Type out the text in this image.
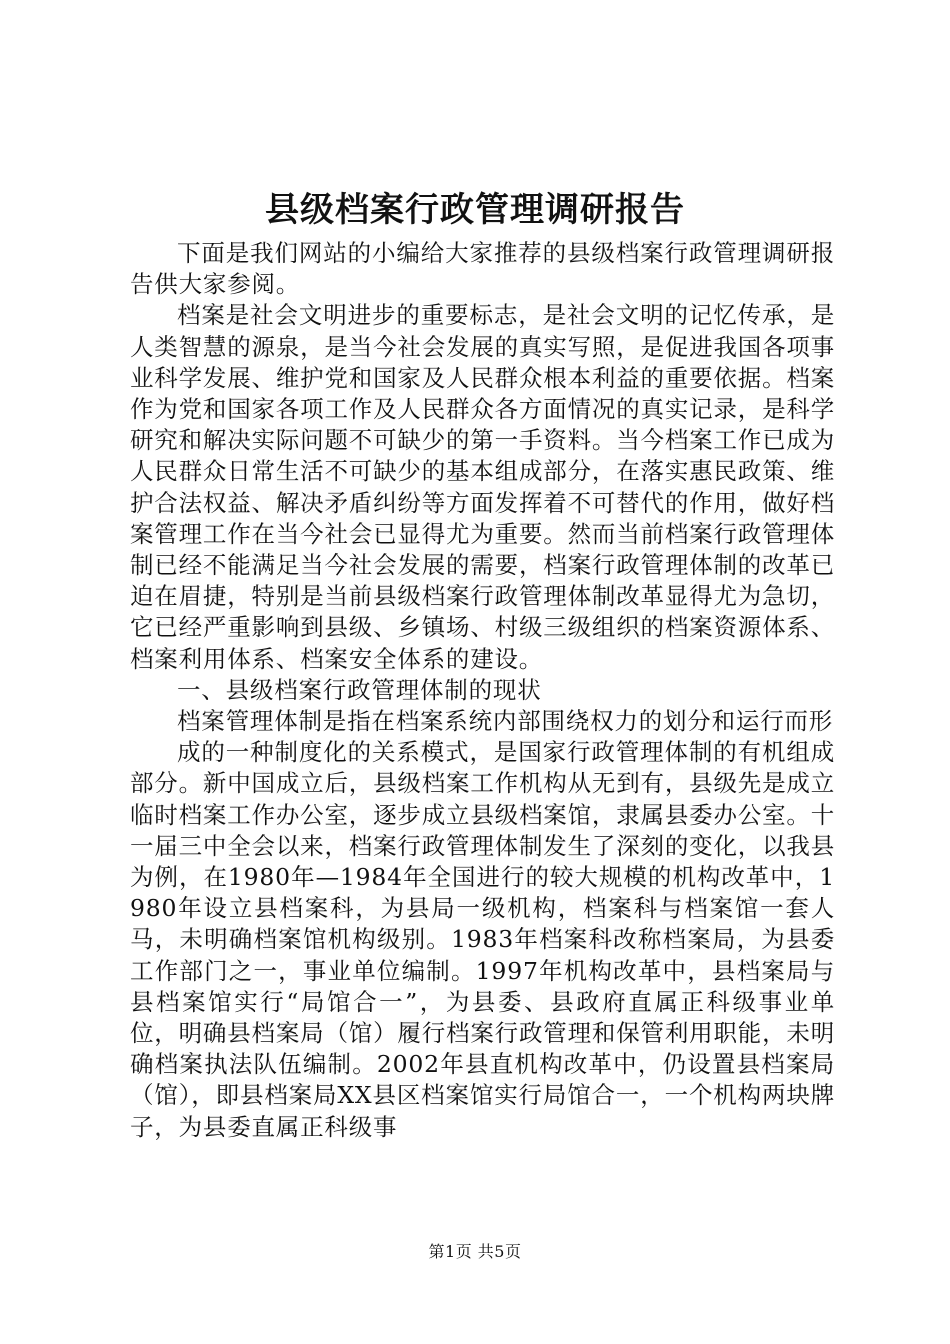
县级档案行政管理调研报告

下面是我们网站的小编给大家推荐的县级档案行政管理调研报告供大家参阅。

档案是社会文明进步的重要标志，是社会文明的记忆传承，是人类智慧的源泉，是当今社会发展的真实写照，是促进我国各项事业科学发展、维护党和国家及人民群众根本利益的重要依据。档案作为党和国家各项工作及人民群众各方面情况的真实记录，是科学研究和解决实际问题不可缺少的第一手资料。当今档案工作已成为人民群众日常生活不可缺少的基本组成部分，在落实惠民政策、维护合法权益、解决矛盾纠纷等方面发挥着不可替代的作用，做好档案管理工作在当今社会已显得尤为重要。然而当前档案行政管理体制已经不能满足当今社会发展的需要，档案行政管理体制的改革已迫在眉捷，特别是当前县级档案行政管理体制改革显得尤为急切，它已经严重影响到县级、乡镇场、村级三级组织的档案资源体系、档案利用体系、档案安全体系的建设。

一、县级档案行政管理体制的现状

档案管理体制是指在档案系统内部围绕权力的划分和运行而形

成的一种制度化的关系模式，是国家行政管理体制的有机组成部分。新中国成立后，县级档案工作机构从无到有，县级先是成立临时档案工作办公室，逐步成立县级档案馆，隶属县委办公室。十一届三中全会以来，档案行政管理体制发生了深刻的变化，以我县为例，在1980年—1984年全国进行的较大规模的机构改革中，1980年设立县档案科，为县局一级机构，档案科与档案馆一套人马，未明确档案馆机构级别。1983年档案科改称档案局，为县委工作部门之一，事业单位编制。1997年机构改革中，县档案局与县档案馆实行“局馆合一”，为县委、县政府直属正科级事业单位，明确县档案局（馆）履行档案行政管理和保管利用职能，未明确档案执法队伍编制。2002年县直机构改革中，仍设置县档案局（馆），即县档案局XX县区档案馆实行局馆合一，一个机构两块牌子，为县委直属正科级事

第1页 共5页
